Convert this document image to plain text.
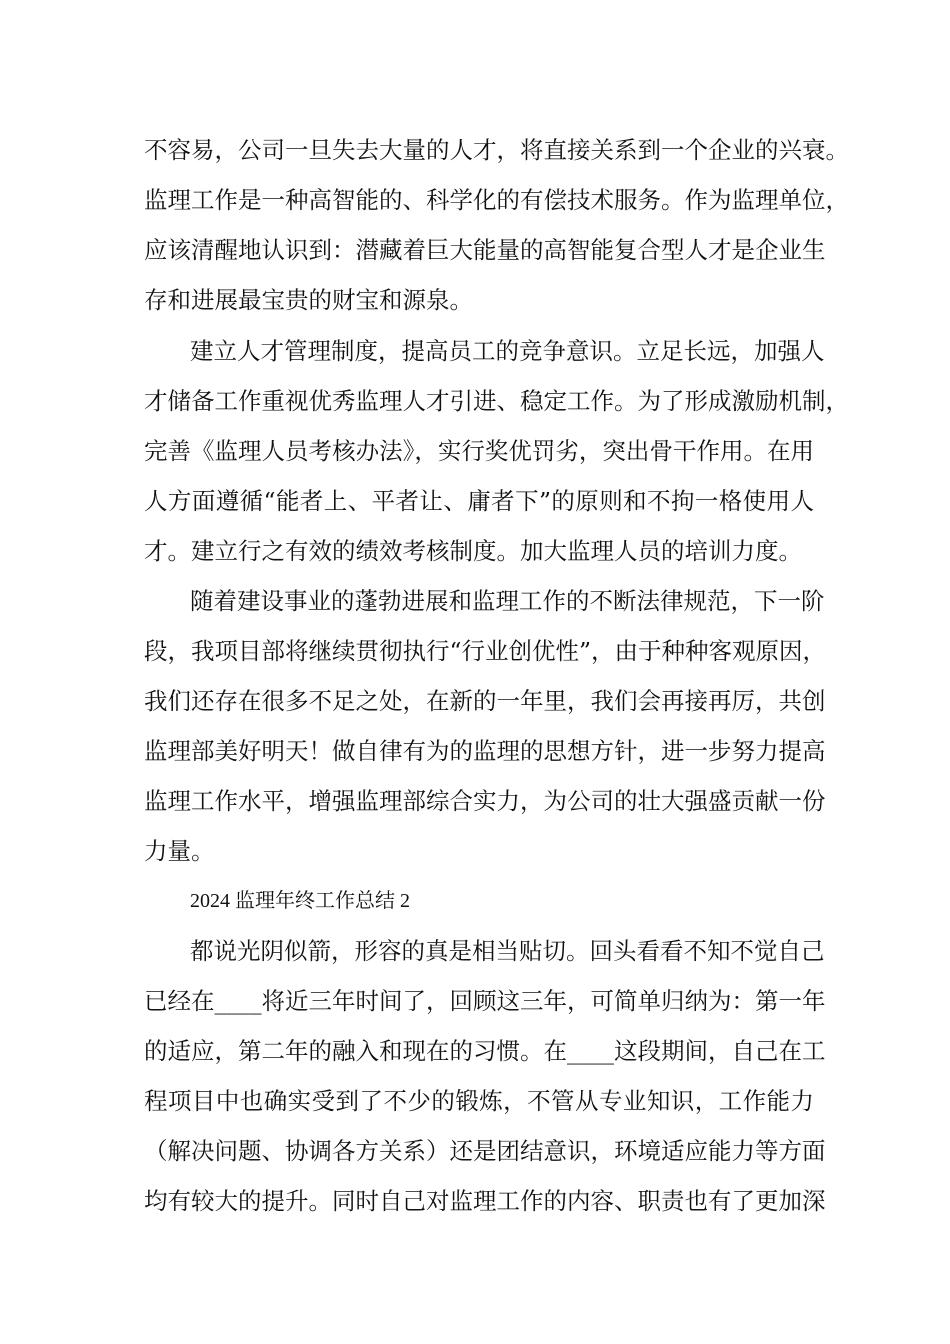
不容易，公司一旦失去大量的人才，将直接关系到一个企业的兴衰。
监理工作是一种高智能的、科学化的有偿技术服务。作为监理单位，
应该清醒地认识到：潜藏着巨大能量的高智能复合型人才是企业生
存和进展最宝贵的财宝和源泉。
建立人才管理制度，提高员工的竞争意识。立足长远，加强人
才储备工作重视优秀监理人才引进、稳定工作。为了形成激励机制，
完善《监理人员考核办法》，实行奖优罚劣，突出骨干作用。在用
人方面遵循“能者上、平者让、庸者下”的原则和不拘一格使用人
才。建立行之有效的绩效考核制度。加大监理人员的培训力度。
随着建设事业的蓬勃进展和监理工作的不断法律规范，下一阶
段，我项目部将继续贯彻执行“行业创优性”，由于种种客观原因，
我们还存在很多不足之处，在新的一年里，我们会再接再厉，共创
监理部美好明天！做自律有为的监理的思想方针，进一步努力提高
监理工作水平，增强监理部综合实力，为公司的壮大强盛贡献一份
力量。
2024 监理年终工作总结 2
都说光阴似箭，形容的真是相当贴切。回头看看不知不觉自己
已经在____将近三年时间了，回顾这三年，可简单归纳为：第一年
的适应，第二年的融入和现在的习惯。在____这段期间，自己在工
程项目中也确实受到了不少的锻炼，不管从专业知识，工作能力
（解决问题、协调各方关系）还是团结意识，环境适应能力等方面
均有较大的提升。同时自己对监理工作的内容、职责也有了更加深
